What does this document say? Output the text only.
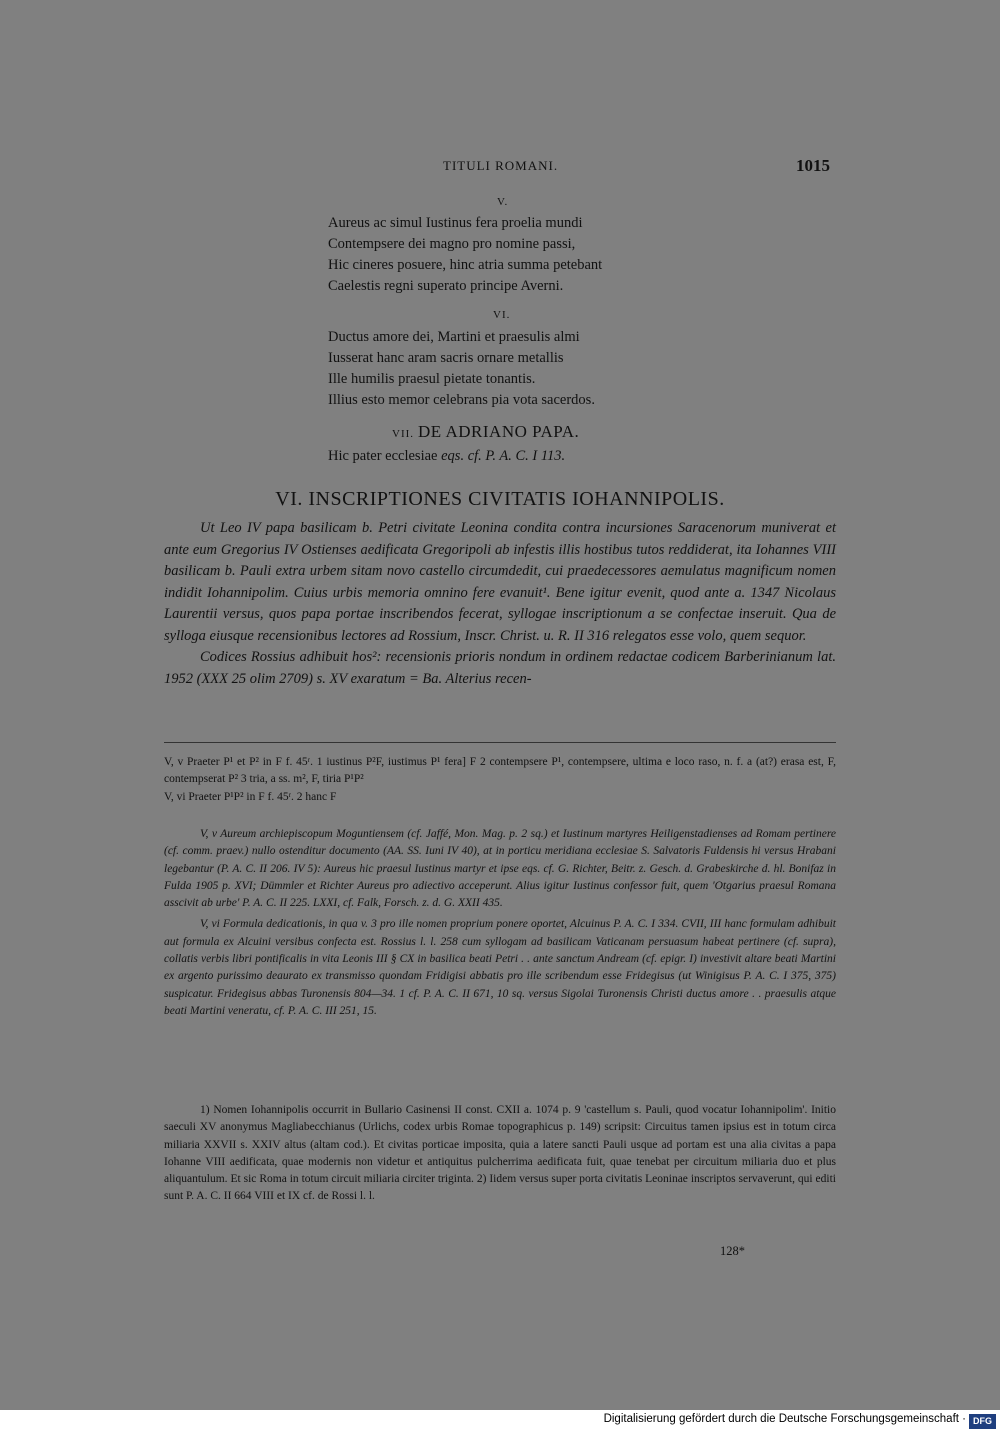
TITULI ROMANI.	1015
V.
Aureus ac simul Iustinus fera proelia mundi
Contempsere dei magno pro nomine passi,
Hic cineres posuere, hinc atria summa petebant
Caelestis regni superato principe Averni.
VI.
Ductus amore dei, Martini et praesulis almi
Iusserat hanc aram sacris ornare metallis
Ille humilis praesul pietate tonantis.
Illius esto memor celebrans pia vota sacerdos.
VII. DE ADRIANO PAPA.
Hic pater ecclesiae eqs. cf. P. A. C. I 113.
VI. INSCRIPTIONES CIVITATIS IOHANNIPOLIS.

Ut Leo IV papa basilicam b. Petri civitate Leonina condita contra incursiones Saracenorum muniverat et ante eum Gregorius IV Ostienses aedificata Gregoripoli ab infestis illis hostibus tutos reddiderat, ita Iohannes VIII basilicam b. Pauli extra urbem sitam novo castello circumdedit, cui praedecessores aemulatus magnificum nomen indidit Iohannipolim. Cuius urbis memoria omnino fere evanuit¹. Bene igitur evenit, quod ante a. 1347 Nicolaus Laurentii versus, quos papa portae inscribendos fecerat, syllogae inscriptionum a se confectae inseruit. Qua de sylloga eiusque recensionibus lectores ad Rossium, Inscr. Christ. u. R. II 316 relegatos esse volo, quem sequor.

Codices Rossius adhibuit hos²: recensionis prioris nondum in ordinem redactae codicem Barberinianum lat. 1952 (XXX 25 olim 2709) s. XV exaratum = Ba. Alterius recen-

V, v Praeter P¹ et P² in F f. 45ʳ. 1 iustinus P²F, iustimus P¹ fera] F 2 contempsere P¹, contempsere, ultima e loco raso, n. f. a (at?) erasa est, F, contempserat P² 3 tria, a ss. m², F, tiria P¹P²

V, vi Praeter P¹P² in F f. 45ʳ. 2 hanc F

V, v Aureum archiepiscopum Moguntiensem (cf. Jaffé, Mon. Mag. p. 2 sq.) et Iustinum martyres Heiligenstadienses ad Romam pertinere (cf. comm. praev.) nullo ostenditur documento (AA. SS. Iuni IV 40), at in porticu meridiana ecclesiae S. Salvatoris Fuldensis hi versus Hrabani legebantur (P. A. C. II 206. IV 5): Aureus hic praesul Iustinus martyr et ipse eqs. cf. G. Richter, Beitr. z. Gesch. d. Grabeskirche d. hl. Bonifaz in Fulda 1905 p. XVI; Dümmler et Richter Aureus pro adiectivo acceperunt. Alius igitur Iustinus confessor fuit, quem 'Otgarius praesul Romana asscivit ab urbe' P. A. C. II 225. LXXI, cf. Falk, Forsch. z. d. G. XXII 435.

V, vi Formula dedicationis, in qua v. 3 pro ille nomen proprium ponere oportet, Alcuinus P. A. C. I 334. CVII, III hanc formulam adhibuit aut formula ex Alcuini versibus confecta est. Rossius l. l. 258 cum syllogam ad basilicam Vaticanam persuasum habeat pertinere (cf. supra), collatis verbis libri pontificalis in vita Leonis III § CX in basilica beati Petri . . ante sanctum Andream (cf. epigr. I) investivit altare beati Martini ex argento purissimo deaurato ex transmisso quondam Fridigisi abbatis pro ille scribendum esse Fridegisus (ut Winigisus P. A. C. I 375, 375) suspicatur. Fridegisus abbas Turonensis 804—34. 1 cf. P. A. C. II 671, 10 sq. versus Sigolai Turonensis Christi ductus amore . . praesulis atque beati Martini veneratu, cf. P. A. C. III 251, 15.

1) Nomen Iohannipolis occurrit in Bullario Casinensi II const. CXII a. 1074 p. 9 'castellum s. Pauli, quod vocatur Iohannipolim'. Initio saeculi XV anonymus Magliabecchianus (Urlichs, codex urbis Romae topographicus p. 149) scripsit: Circuitus tamen ipsius est in totum circa miliaria XXVII s. XXIV altus (altam cod.). Et civitas porticae imposita, quia a latere sancti Pauli usque ad portam est una alia civitas a papa Iohanne VIII aedificata, quae modernis non videtur et antiquitus pulcherrima aedificata fuit, quae tenebat per circuitum miliaria duo et plus aliquantulum. Et sic Roma in totum circuit miliaria circiter triginta. 2) Iidem versus super porta civitatis Leoninae inscriptos servaverunt, qui editi sunt P. A. C. II 664 VIII et IX cf. de Rossi l. l.

128*
Digitalisierung gefördert durch die Deutsche Forschungsgemeinschaft · DFG
